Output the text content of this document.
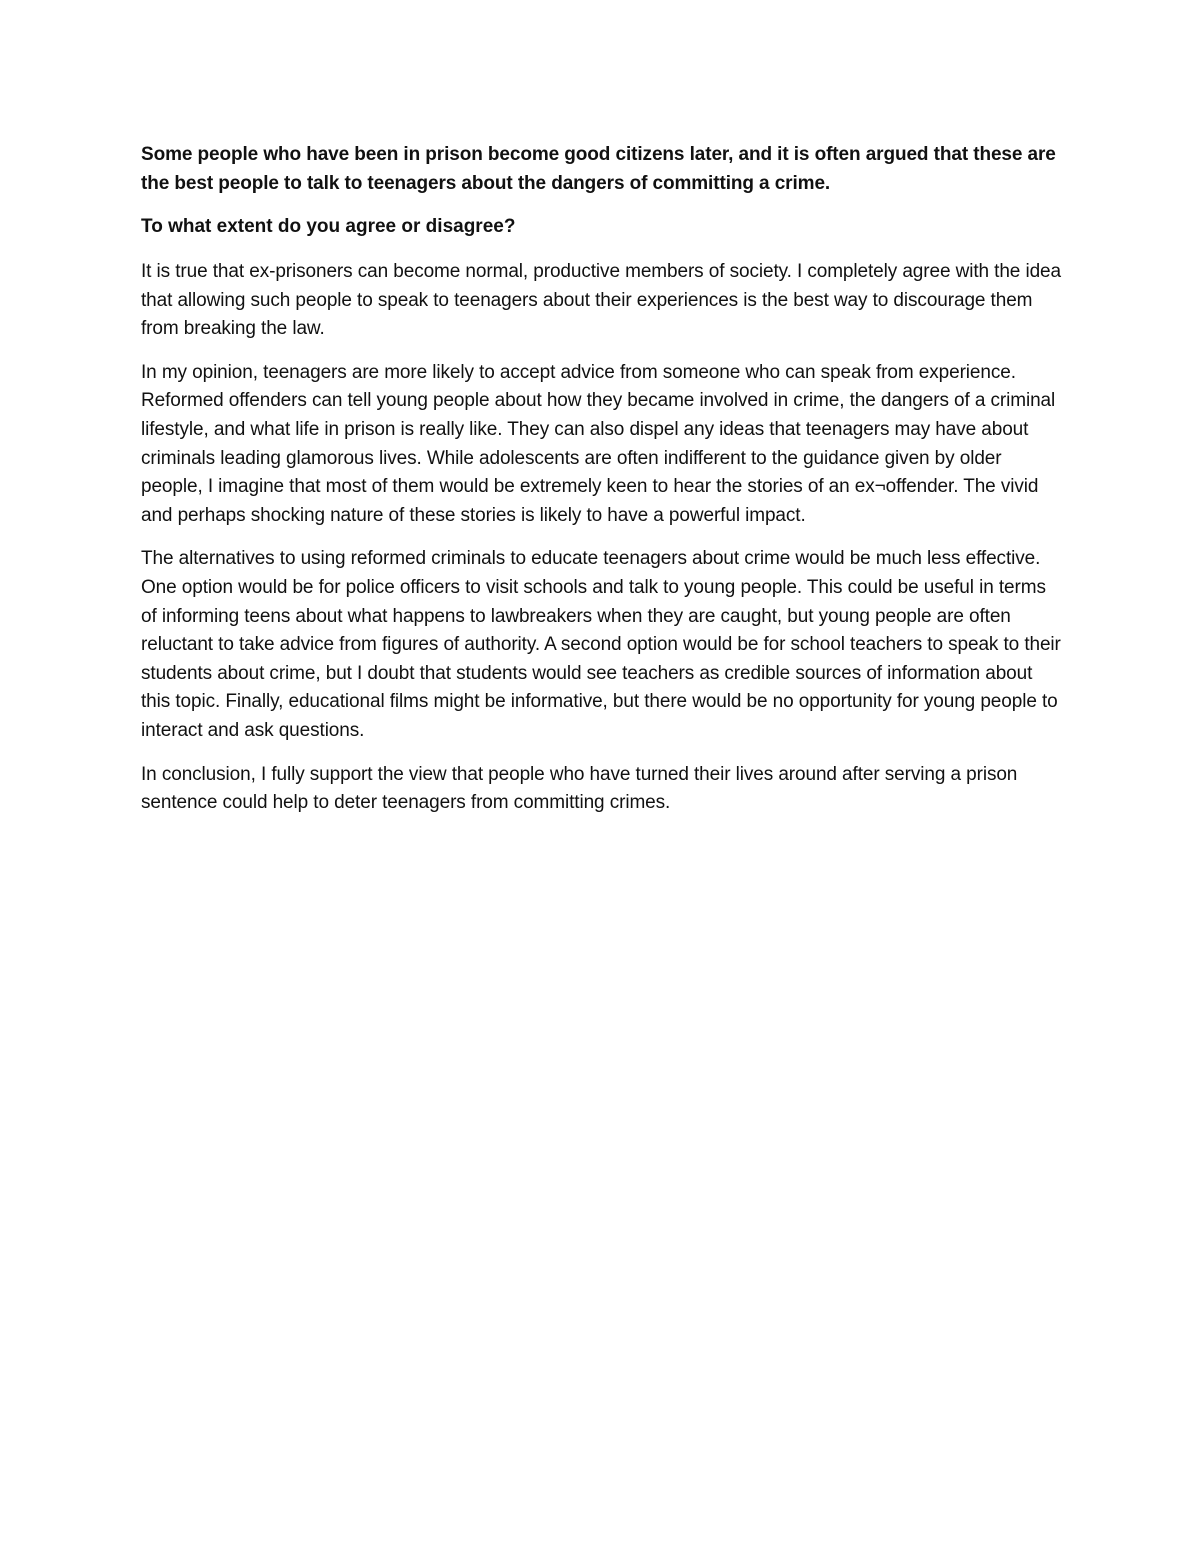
Some people who have been in prison become good citizens later, and it is often argued that these are the best people to talk to teenagers about the dangers of committing a crime.

To what extent do you agree or disagree?

It is true that ex-prisoners can become normal, productive members of society. I completely agree with the idea that allowing such people to speak to teenagers about their experiences is the best way to discourage them from breaking the law.

In my opinion, teenagers are more likely to accept advice from someone who can speak from experience. Reformed offenders can tell young people about how they became involved in crime, the dangers of a criminal lifestyle, and what life in prison is really like. They can also dispel any ideas that teenagers may have about criminals leading glamorous lives. While adolescents are often indifferent to the guidance given by older people, I imagine that most of them would be extremely keen to hear the stories of an ex¬offender. The vivid and perhaps shocking nature of these stories is likely to have a powerful impact.

The alternatives to using reformed criminals to educate teenagers about crime would be much less effective. One option would be for police officers to visit schools and talk to young people. This could be useful in terms of informing teens about what happens to lawbreakers when they are caught, but young people are often reluctant to take advice from figures of authority. A second option would be for school teachers to speak to their students about crime, but I doubt that students would see teachers as credible sources of information about this topic. Finally, educational films might be informative, but there would be no opportunity for young people to interact and ask questions.

In conclusion, I fully support the view that people who have turned their lives around after serving a prison sentence could help to deter teenagers from committing crimes.
